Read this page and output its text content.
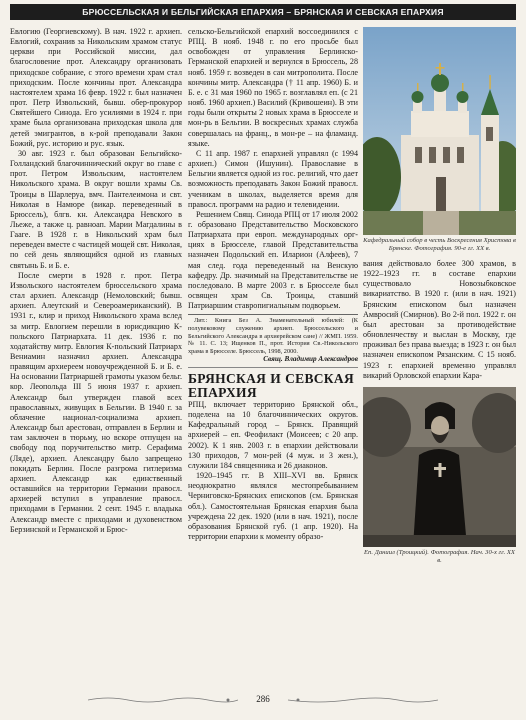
БРЮССЕЛЬСКАЯ И БЕЛЬГИЙСКАЯ ЕПАРХИЯ – БРЯНСКАЯ И СЕВСКАЯ ЕПАРХИЯ

Евлогию (Георгиевскому). В нач. 1922 г. архиеп. Евлогий, сохранив за Никольским храмом статус церкви при Российской миссии, дал благословение прот. Александру организовать приходское собрание, с этого времени храм стал приходским. После кончины прот. Александра настоятелем храма 16 февр. 1922 г. был назначен прот. Петр Извольский, бывш. обер-прокурор Святейшего Синода. Его усилиями в 1924 г. при храме была организована приходская школа для детей эмигрантов, в к-рой преподавали Закон Божий, рус. историю и рус. язык.

30 авг. 1923 г. был образован Бельгийско-Голландский благочиннический округ во главе с прот. Петром Извольским, настоятелем Никольского храма. В округ вошли храмы Св. Троицы в Шарлеруа, вмч. Пантелеимона и свт. Николая в Намюре (викар. переведенный в Брюссель), блгв. кн. Александра Невского в Льеже, а также ц. равноап. Марии Магдалины в Гааге. В 1928 г. в Никольский храм был переведен вместе с частицей мощей свт. Николая, по сей день являющийся одной из главных святынь Б. и Б. е.

После смерти в 1928 г. прот. Петра Извольского настоятелем брюссельского храма стал архиеп. Александр (Немоловский; бывш. архиеп. Алеутский и Североамериканский). В 1931 г., клир и приход Никольского храма вслед за митр. Евлогием перешли в юрисдикцию К-польского Патриархата. 11 дек. 1936 г. по ходатайству митр. Евлогия К-польский Патриарх Вениамин назначил архиеп. Александра правящим архиереем новоучрежденной Б. и Б. е. На основании Патриаршей грамоты указом бельг. кор. Леопольда III 5 июня 1937 г. архиеп. Александр был утвержден главой всех православных, живущих в Бельгии. В 1940 г. за облачение национал-социализма архиеп. Александр был арестован, отправлен в Берлин и там заключен в тюрьму, но вскоре отпущен на свободу под поручительство митр. Серафима (Ляде), архиеп. Александру было запрещено покидать Берлин. После разгрома гитлеризма архиеп. Александр как единственный оставшийся на территории Германии правосл. архиерей вступил в управление правосл. приходами в Германии. 2 сент. 1945 г. владыка Александр вместе с приходами и духовенством Берзинской и Германской и Брюс-

сельско-Бельгийской епархий воссоединился с РПЦ. В нояб. 1948 г. по его просьбе был освобожден от управления Берлинско-Германской епархией и вернулся в Брюссель, 28 нояб. 1959 г. возведен в сан митрополита. После кончины митр. Александра († 11 апр. 1960) Б. и Б. е. с 31 мая 1960 по 1965 г. возглавлял еп. (с 21 нояб. 1960 архиеп.) Василий (Кривошеин). В эти годы были открыты 2 новых храма в Брюсселе и мон-рь в Бельгии. В воскресных храмах служба совершалась на франц., в мон-ре – на фламанд. языке.

С 11 апр. 1987 г. епархией управлял (с 1994 архиеп.) Симон (Ишунин). Православие в Бельгии является одной из гос. религий, что дает возможность преподавать Закон Божий правосл. ученикам в школах, выделяется время для правосл. программ на радио и телевидении.

Решением Свящ. Синода РПЦ от 17 июля 2002 г. образовано Представительство Московского Патриархата при европ. международных орг-циях в Брюсселе, главой Представительства назначен Подольский еп. Иларион (Алфеев), 7 мая след. года переведенный на Венскую кафедру. Др. значимый на Представительстве не последовало. В марте 2003 г. в Брюсселе был освящен храм Св. Троицы, ставший Патриаршим ставропигиальным подворьем.

Лит.: Книга Без А. Знаменательный юбилей: (К полувековому служению архиеп. Брюссельского и Бельгийского Александра в архиерейском сане) // ЖМП. 1959. № 11. С. 13; Ищенков П., прот. История Св.-Никольского храма в Брюсселе. Брюссель, 1998, 2000.

Свящ. Владимир Александров
БРЯНСКАЯ И СЕВСКАЯ ЕПАРХИЯ

РПЦ, включает территорию Брянской обл., поделена на 10 благочиннических округов. Кафедральный город – Брянск. Правящий архиерей – еп. Феофилакт (Моисеев; с 20 апр. 2002). К 1 янв. 2003 г. в епархии действовали 130 приходов, 7 мон-рей (4 муж. и 3 жен.), служили 184 священника и 26 диаконов.

1920–1945 гг. В XIII–XVI вв. Брянск неоднократно являлся местопребыванием Черниговско-Брянских епископов (см. Брянская обл.). Самостоятельная Брянская епархия была учреждена 22 дек. 1920 (или в нач. 1921), после образования Брянской губ. (1 апр. 1920). На территории епархии к моменту образо-

Кафедральный собор в честь Воскресения Христова в Брянске. Фотография. 90-е гг. XX в.

вания действовало более 300 храмов, в 1922–1923 гг. в составе епархии существовало Новозыбковское викариатство. В 1920 г. (или в нач. 1921) Брянским епископом был назначен Амвросий (Смирнов). Во 2-й пол. 1922 г. он был арестован за противодействие обновленчеству и выслан в Москву, где проживал без права выезда; в 1923 г. он был назначен епископом Рязанским. С 15 нояб. 1923 г. епархией временно управлял викарий Орловской епархии Кара-

Еп. Даниил (Троицкий). Фотография. Нач. 30-х гг. XX в.
286
